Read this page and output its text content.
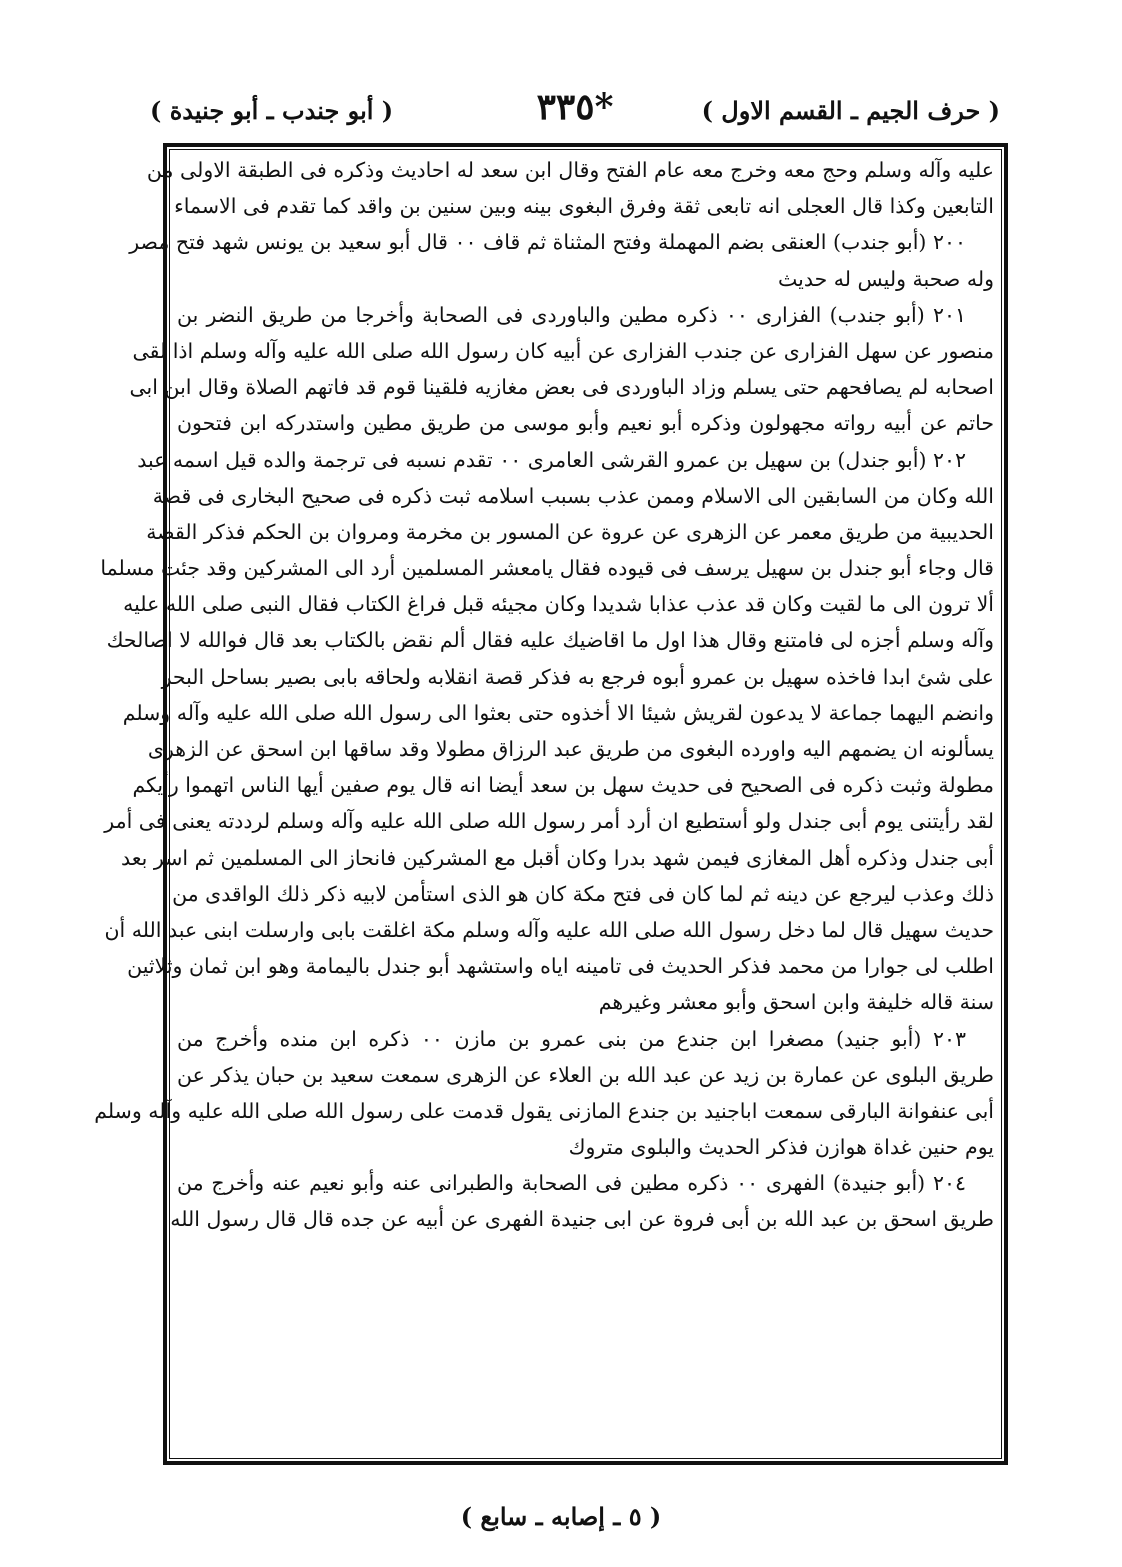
( حرف الجيم ـ القسم الاول )
*٣٣٥
( أبو جندب ـ أبو جنيدة )
عليه وآله وسلم وحج معه وخرج معه عام الفتح وقال ابن سعد له احاديث وذكره فى الطبقة الاولى من
التابعين وكذا قال العجلى انه تابعى ثقة وفرق البغوى بينه وبين سنين بن واقد كما تقدم فى الاسماء
٢٠٠ (أبو جندب) العنقى بضم المهملة وفتح المثناة ثم قاف ٠٠ قال أبو سعيد بن يونس شهد فتح مصر
وله صحبة وليس له حديث
٢٠١ (أبو جندب) الفزارى ٠٠ ذكره مطين والباوردى فى الصحابة وأخرجا من طريق النضر بن
منصور عن سهل الفزارى عن جندب الفزارى عن أبيه كان رسول الله صلى الله عليه وآله وسلم اذا لقى
اصحابه لم يصافحهم حتى يسلم وزاد الباوردى فى بعض مغازيه فلقينا قوم قد فاتهم الصلاة وقال ابن ابى
حاتم عن أبيه رواته مجهولون وذكره أبو نعيم وأبو موسى من طريق مطين واستدركه ابن فتحون
٢٠٢ (أبو جندل) بن سهيل بن عمرو القرشى العامرى ٠٠ تقدم نسبه فى ترجمة والده قيل اسمه عبد
الله وكان من السابقين الى الاسلام وممن عذب بسبب اسلامه ثبت ذكره فى صحيح البخارى فى قصة
الحديبية من طريق معمر عن الزهرى عن عروة عن المسور بن مخرمة ومروان بن الحكم فذكر القصة
قال وجاء أبو جندل بن سهيل يرسف فى قيوده فقال يامعشر المسلمين أرد الى المشركين وقد جئت مسلما
ألا ترون الى ما لقيت وكان قد عذب عذابا شديدا وكان مجيئه قبل فراغ الكتاب فقال النبى صلى الله عليه
وآله وسلم أجزه لى فامتنع وقال هذا اول ما اقاضيك عليه فقال ألم نقض بالكتاب بعد قال فوالله لا اصالحك
على شئ ابدا فاخذه سهيل بن عمرو أبوه فرجع به فذكر قصة انقلابه ولحاقه بابى بصير بساحل البحر
وانضم اليهما جماعة لا يدعون لقريش شيئا الا أخذوه حتى بعثوا الى رسول الله صلى الله عليه وآله وسلم
يسألونه ان يضمهم اليه واورده البغوى من طريق عبد الرزاق مطولا وقد ساقها ابن اسحق عن الزهرى
مطولة وثبت ذكره فى الصحيح فى حديث سهل بن سعد أيضا انه قال يوم صفين أيها الناس اتهموا رأيكم
لقد رأيتنى يوم أبى جندل ولو أستطيع ان أرد أمر رسول الله صلى الله عليه وآله وسلم لرددته يعنى فى أمر
أبى جندل وذكره أهل المغازى فيمن شهد بدرا وكان أقبل مع المشركين فانحاز الى المسلمين ثم اسر بعد
ذلك وعذب ليرجع عن دينه ثم لما كان فى فتح مكة كان هو الذى استأمن لابيه ذكر ذلك الواقدى من
حديث سهيل قال لما دخل رسول الله صلى الله عليه وآله وسلم مكة اغلقت بابى وارسلت ابنى عبد الله أن
اطلب لى جوارا من محمد فذكر الحديث فى تامينه اياه واستشهد أبو جندل باليمامة وهو ابن ثمان وثلاثين
سنة قاله خليفة وابن اسحق وأبو معشر وغيرهم
٢٠٣ (أبو جنيد) مصغرا ابن جندع من بنى عمرو بن مازن ٠٠ ذكره ابن منده وأخرج من
طريق البلوى عن عمارة بن زيد عن عبد الله بن العلاء عن الزهرى سمعت سعيد بن حبان يذكر عن
أبى عنفوانة البارقى سمعت اباجنيد بن جندع المازنى يقول قدمت على رسول الله صلى الله عليه وآله وسلم
يوم حنين غداة هوازن فذكر الحديث والبلوى متروك
٢٠٤ (أبو جنيدة) الفهرى ٠٠ ذكره مطين فى الصحابة والطبرانى عنه وأبو نعيم عنه وأخرج من
طريق اسحق بن عبد الله بن أبى فروة عن ابى جنيدة الفهرى عن أبيه عن جده قال قال رسول الله
( ٥ ـ إصابه ـ سابع )
